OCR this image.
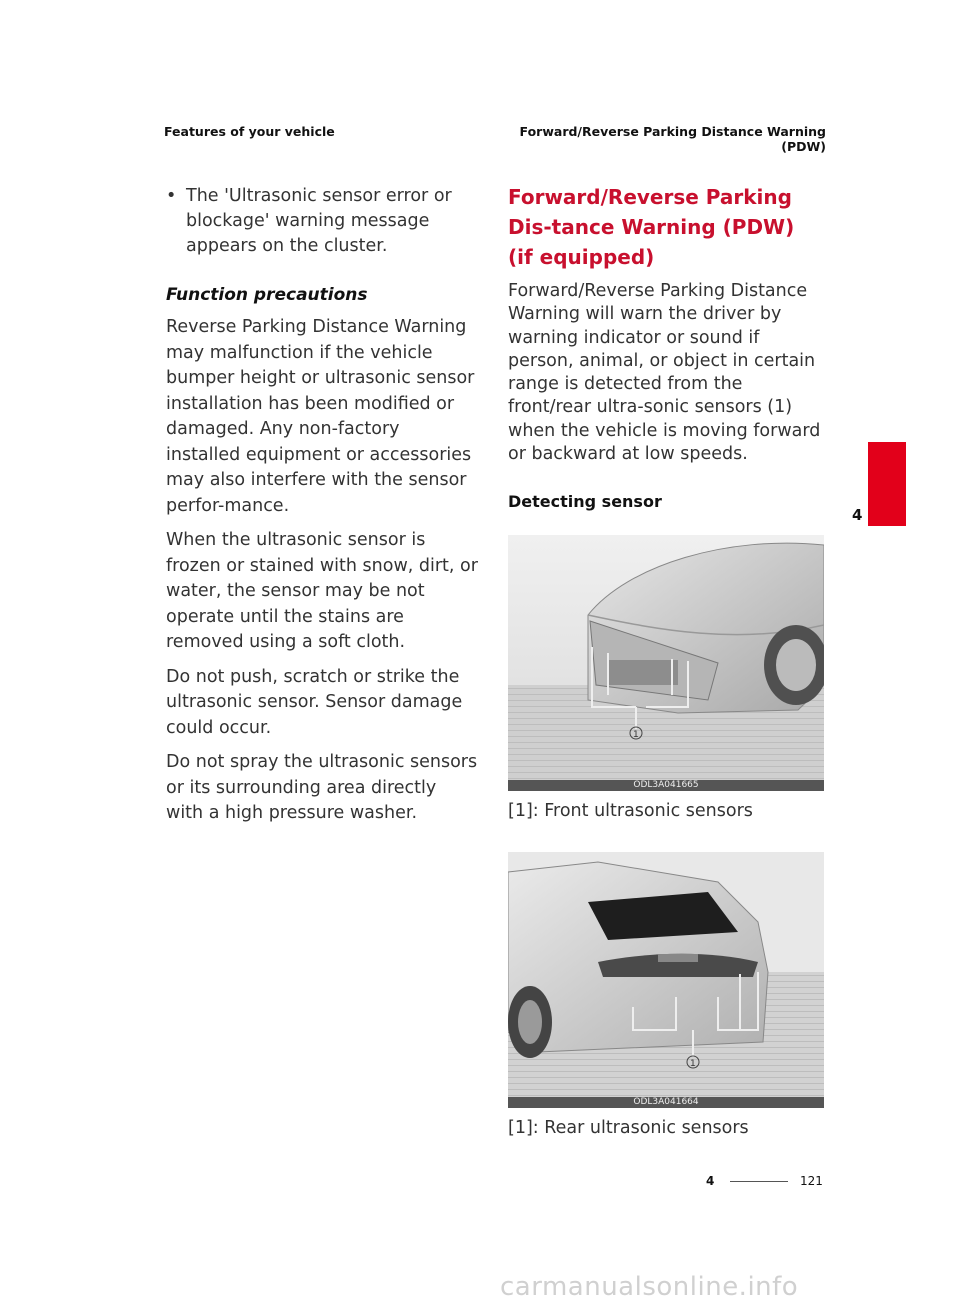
Features of your vehicle	Forward/Reverse Parking Distance Warning
(PDW)
• The 'Ultrasonic sensor error or blockage' warning message appears on the cluster.
Function precautions

Reverse Parking Distance Warning may malfunction if the vehicle bumper height or ultrasonic sensor installation has been modified or damaged. Any non-factory installed equipment or accessories may also interfere with the sensor perfor-mance.

When the ultrasonic sensor is frozen or stained with snow, dirt, or water, the sensor may be not operate until the stains are removed using a soft cloth.

Do not push, scratch or strike the ultrasonic sensor. Sensor damage could occur.

Do not spray the ultrasonic sensors or its surrounding area directly with a high pressure washer.

Forward/Reverse Parking Dis-tance Warning (PDW) (if equipped)

Forward/Reverse Parking Distance Warning will warn the driver by warning indicator or sound if person, animal, or object in certain range is detected from the front/rear ultra-sonic sensors (1) when the vehicle is moving forward or backward at low speeds.

Detecting sensor
1
ODL3A041665
[1]: Front ultrasonic sensors
1
ODL3A041664
[1]: Rear ultrasonic sensors
4
4	121
carmanualsonline.info
